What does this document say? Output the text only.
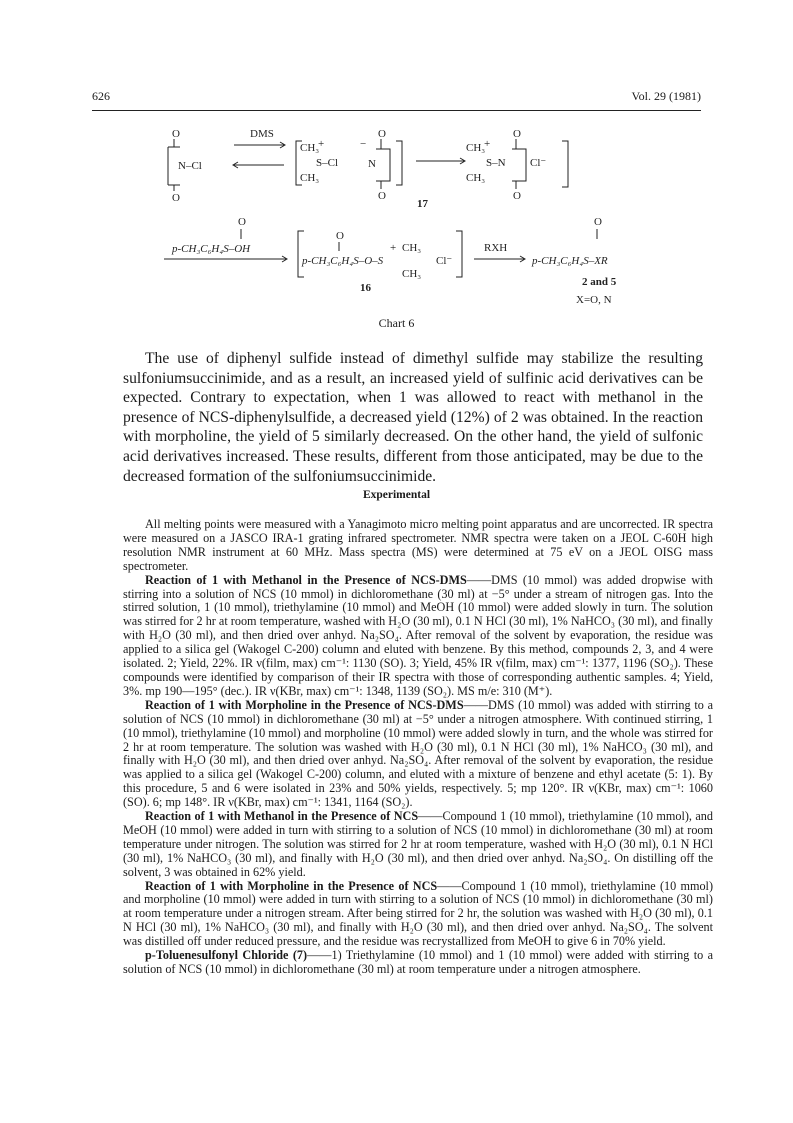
626	Vol. 29 (1981)
O
N–Cl
O
DMS
CH₃
+
S–Cl
CH₃
−
O
N
O
CH₃
+
S–N
CH₃
O
O
Cl⁻
17
O
p-CH₃C₆H₄S–OH
O
+ CH₃
p-CH₃C₆H₄S–O–S
CH₃
Cl⁻
16
RXH
O
p-CH₃C₆H₄S–XR
2 and 5
X=O, N
Chart 6
The use of diphenyl sulfide instead of dimethyl sulfide may stabilize the resulting sulfoniumsuccinimide, and as a result, an increased yield of sulfinic acid derivatives can be expected. Contrary to expectation, when 1 was allowed to react with methanol in the presence of NCS-diphenylsulfide, a decreased yield (12%) of 2 was obtained. In the reaction with morpholine, the yield of 5 similarly decreased. On the other hand, the yield of sulfonic acid derivatives increased. These results, different from those anticipated, may be due to the decreased formation of the sulfoniumsuccinimide.
Experimental

All melting points were measured with a Yanagimoto micro melting point apparatus and are uncorrected. IR spectra were measured on a JASCO IRA-1 grating infrared spectrometer. NMR spectra were taken on a JEOL C-60H high resolution NMR instrument at 60 MHz. Mass spectra (MS) were determined at 75 eV on a JEOL OISG mass spectrometer.

Reaction of 1 with Methanol in the Presence of NCS-DMS——DMS (10 mmol) was added dropwise with stirring into a solution of NCS (10 mmol) in dichloromethane (30 ml) at −5° under a stream of nitrogen gas. Into the stirred solution, 1 (10 mmol), triethylamine (10 mmol) and MeOH (10 mmol) were added slowly in turn. The solution was stirred for 2 hr at room temperature, washed with H₂O (30 ml), 0.1 N HCl (30 ml), 1% NaHCO₃ (30 ml), and finally with H₂O (30 ml), and then dried over anhyd. Na₂SO₄. After removal of the solvent by evaporation, the residue was applied to a silica gel (Wakogel C-200) column and eluted with benzene. By this method, compounds 2, 3, and 4 were isolated. 2; Yield, 22%. IR ν(film, max) cm⁻¹: 1130 (SO). 3; Yield, 45% IR ν(film, max) cm⁻¹: 1377, 1196 (SO₂). These compounds were identified by comparison of their IR spectra with those of corresponding authentic samples. 4; Yield, 3%. mp 190—195° (dec.). IR ν(KBr, max) cm⁻¹: 1348, 1139 (SO₂). MS m/e: 310 (M⁺).

Reaction of 1 with Morpholine in the Presence of NCS-DMS——DMS (10 mmol) was added with stirring to a solution of NCS (10 mmol) in dichloromethane (30 ml) at −5° under a nitrogen atmosphere. With continued stirring, 1 (10 mmol), triethylamine (10 mmol) and morpholine (10 mmol) were added slowly in turn, and the whole was stirred for 2 hr at room temperature. The solution was washed with H₂O (30 ml), 0.1 N HCl (30 ml), 1% NaHCO₃ (30 ml), and finally with H₂O (30 ml), and then dried over anhyd. Na₂SO₄. After removal of the solvent by evaporation, the residue was applied to a silica gel (Wakogel C-200) column, and eluted with a mixture of benzene and ethyl acetate (5: 1). By this procedure, 5 and 6 were isolated in 23% and 50% yields, respectively. 5; mp 120°. IR ν(KBr, max) cm⁻¹: 1060 (SO). 6; mp 148°. IR ν(KBr, max) cm⁻¹: 1341, 1164 (SO₂).

Reaction of 1 with Methanol in the Presence of NCS——Compound 1 (10 mmol), triethylamine (10 mmol), and MeOH (10 mmol) were added in turn with stirring to a solution of NCS (10 mmol) in dichloromethane (30 ml) at room temperature under nitrogen. The solution was stirred for 2 hr at room temperature, washed with H₂O (30 ml), 0.1 N HCl (30 ml), 1% NaHCO₃ (30 ml), and finally with H₂O (30 ml), and then dried over anhyd. Na₂SO₄. On distilling off the solvent, 3 was obtained in 62% yield.

Reaction of 1 with Morpholine in the Presence of NCS——Compound 1 (10 mmol), triethylamine (10 mmol) and morpholine (10 mmol) were added in turn with stirring to a solution of NCS (10 mmol) in dichloromethane (30 ml) at room temperature under a nitrogen stream. After being stirred for 2 hr, the solution was washed with H₂O (30 ml), 0.1 N HCl (30 ml), 1% NaHCO₃ (30 ml), and finally with H₂O (30 ml), and then dried over anhyd. Na₂SO₄. The solvent was distilled off under reduced pressure, and the residue was recrystallized from MeOH to give 6 in 70% yield.

p-Toluenesulfonyl Chloride (7)——1) Triethylamine (10 mmol) and 1 (10 mmol) were added with stirring to a solution of NCS (10 mmol) in dichloromethane (30 ml) at room temperature under a nitrogen atmosphere.
